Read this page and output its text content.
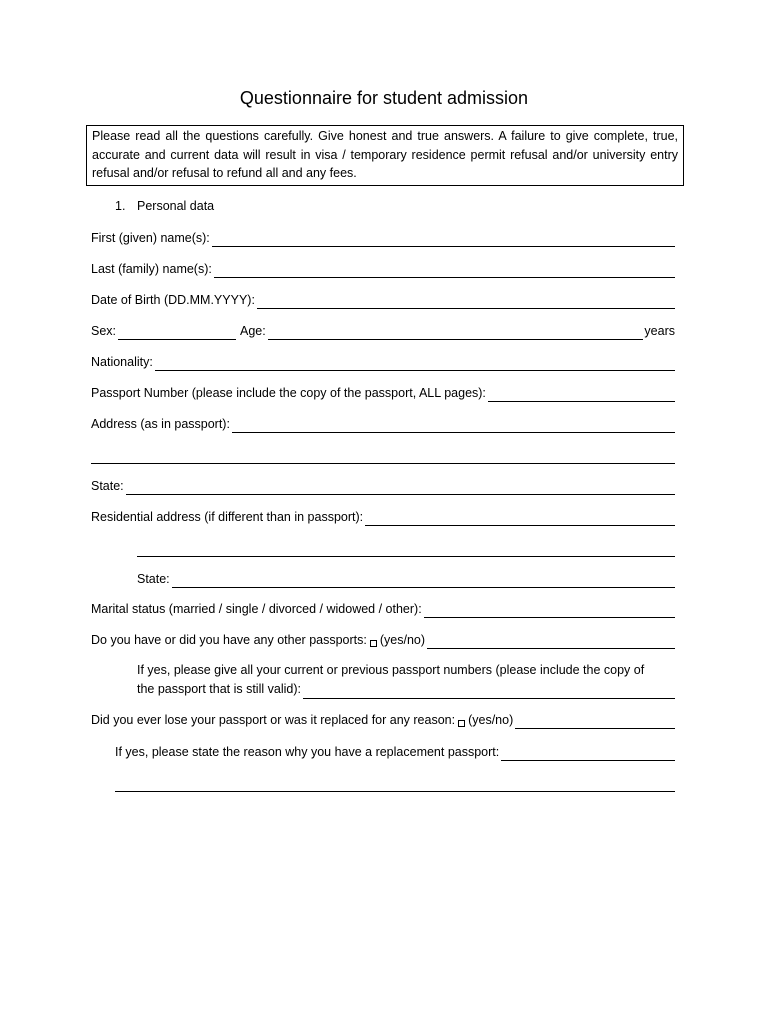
Questionnaire for student admission
Please read all the questions carefully. Give honest and true answers. A failure to give complete, true, accurate and current data will result in visa / temporary residence permit refusal and/or university entry refusal and/or refusal to refund all and any fees.
1. Personal data
First (given) name(s):
Last (family) name(s):
Date of Birth (DD.MM.YYYY):
Sex:	Age:	years
Nationality:
Passport Number (please include the copy of the passport, ALL pages):
Address (as in passport):
State:
Residential address (if different than in passport):
State:
Marital status (married / single / divorced / widowed / other):
Do you have or did you have any other passports: (yes/no)
If yes, please give all your current or previous passport numbers (please include the copy of
the passport that is still valid):
Did you ever lose your passport or was it replaced for any reason: (yes/no)
If yes, please state the reason why you have a replacement passport:
